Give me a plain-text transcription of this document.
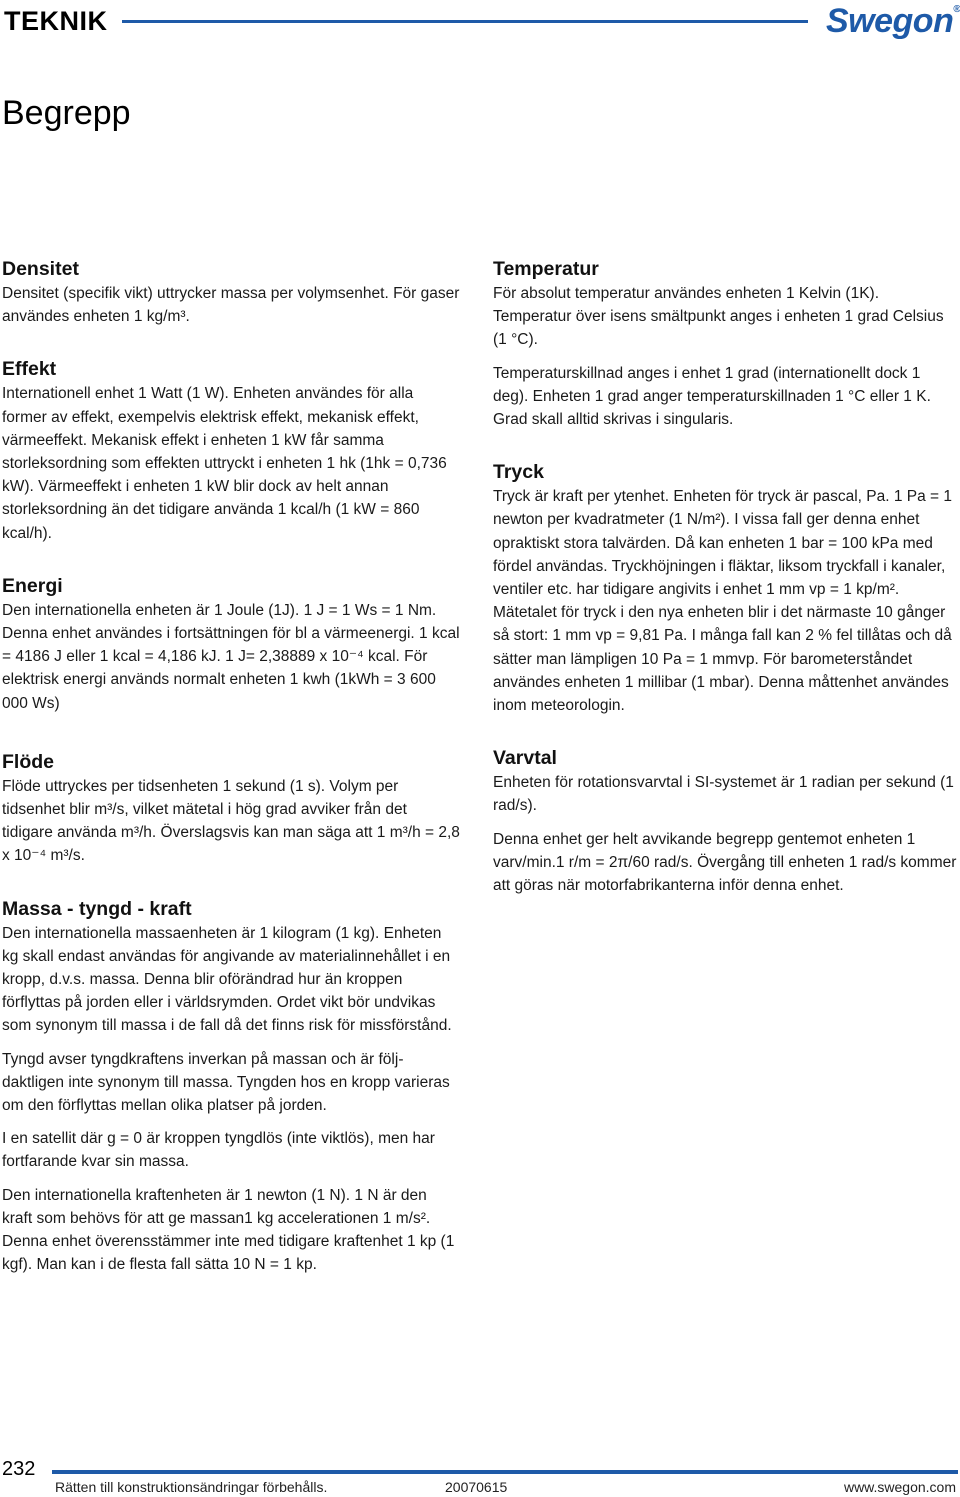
TEKNIK	Swegon®
Begrepp
Densitet

Densitet (specifik vikt) uttrycker massa per volymsenhet. För gaser användes enheten 1 kg/m³.

Effekt

Internationell enhet 1 Watt (1 W). Enheten användes för alla former av effekt, exempelvis elektrisk effekt, mekanisk effekt, värmeeffekt. Mekanisk effekt i enheten 1 kW får samma storleksordning som effekten uttryckt i enheten 1 hk (1hk = 0,736 kW). Värmeeffekt i enheten 1 kW blir dock av helt annan storleksordning än det tidigare använda 1 kcal/h (1 kW = 860 kcal/h).

Energi

Den internationella enheten är 1 Joule (1J). 1 J = 1 Ws = 1 Nm. Denna enhet användes i fortsättningen för bl a värmeenergi. 1 kcal = 4186 J eller 1 kcal = 4,186 kJ. 1 J= 2,38889 x 10⁻⁴ kcal. För elektrisk energi används normalt enheten 1 kwh (1kWh = 3 600 000 Ws)

Flöde

Flöde uttryckes per tidsenheten 1 sekund (1 s). Volym per tidsenhet blir m³/s, vilket mätetal i hög grad avviker från det tidigare använda m³/h. Överslagsvis kan man säga att 1 m³/h = 2,8 x 10⁻⁴ m³/s.

Massa - tyngd - kraft

Den internationella massaenheten är 1 kilogram (1 kg). Enheten kg skall endast användas för angivande av materialinnehållet i en kropp, d.v.s. massa. Denna blir oförändrad hur än kroppen förflyttas på jorden eller i världsrymden. Ordet vikt bör undvikas som synonym till massa i de fall då det finns risk för missförstånd.

Tyngd avser tyngdkraftens inverkan på massan och är följdaktligen inte synonym till massa. Tyngden hos en kropp varieras om den förflyttas mellan olika platser på jorden.

I en satellit där g = 0 är kroppen tyngdlös (inte viktlös), men har fortfarande kvar sin massa.

Den internationella kraftenheten är 1 newton (1 N). 1 N är den kraft som behövs för att ge massan1 kg accelerationen 1 m/s². Denna enhet överensstämmer inte med tidigare kraftenhet 1 kp (1 kgf). Man kan i de flesta fall sätta 10 N = 1 kp.

Temperatur

För absolut temperatur användes enheten 1 Kelvin (1K). Temperatur över isens smältpunkt anges i enheten 1 grad Celsius (1 °C).

Temperaturskillnad anges i enhet 1 grad (internationellt dock 1 deg). Enheten 1 grad anger temperaturskillnaden 1 °C eller 1 K. Grad skall alltid skrivas i singularis.

Tryck

Tryck är kraft per ytenhet. Enheten för tryck är pascal, Pa. 1 Pa = 1 newton per kvadratmeter (1 N/m²). I vissa fall ger denna enhet opraktiskt stora talvärden. Då kan enheten 1 bar = 100 kPa med fördel användas. Tryckhöjningen i fläktar, liksom tryckfall i kanaler, ventiler etc. har tidigare angivits i enhet 1 mm vp = 1 kp/m². Mätetalet för tryck i den nya enheten blir i det närmaste 10 gånger så stort: 1 mm vp = 9,81 Pa. I många fall kan 2 % fel tillåtas och då sätter man lämpligen 10 Pa = 1 mmvp. För barometerståndet användes enheten 1 millibar (1 mbar). Denna måttenhet användes inom meteorologin.

Varvtal

Enheten för rotationsvarvtal i SI-systemet är 1 radian per sekund (1 rad/s).

Denna enhet ger helt avvikande begrepp gentemot enheten 1 varv/min.1 r/m = 2π/60 rad/s. Övergång till enheten 1 rad/s kommer att göras när motorfabrikanterna inför denna enhet.

232
Rätten till konstruktionsändringar förbehålls.	20070615	www.swegon.com
